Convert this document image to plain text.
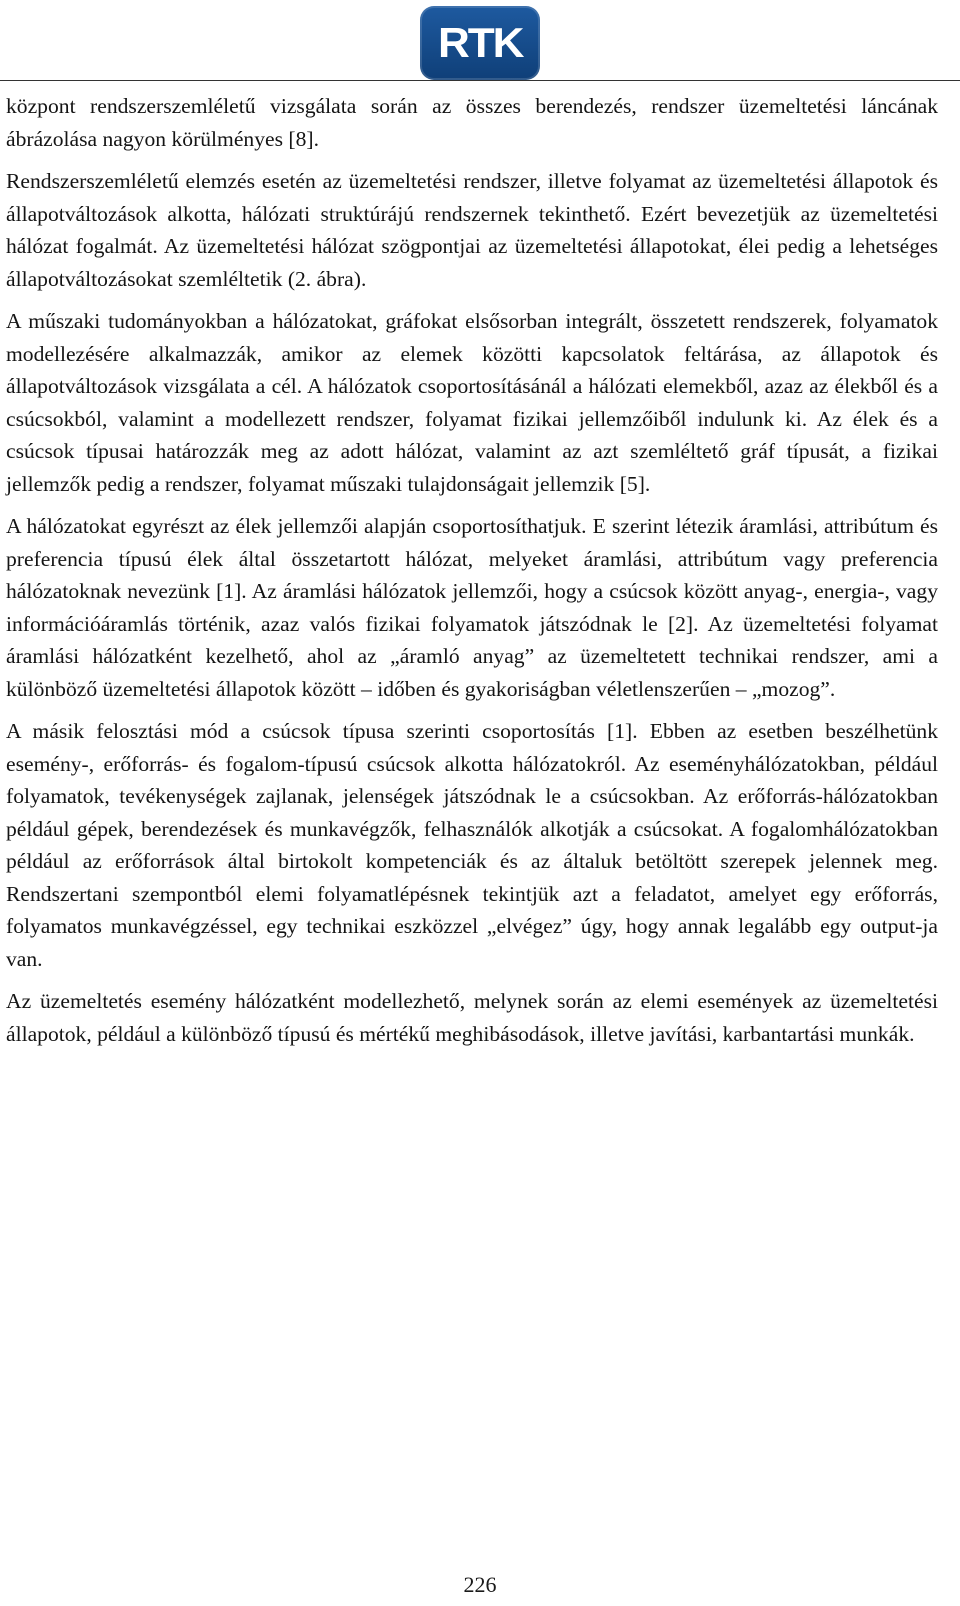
RTK

központ rendszerszemléletű vizsgálata során az összes berendezés, rendszer üzemeltetési láncának ábrázolása nagyon körülményes [8].

Rendszerszemléletű elemzés esetén az üzemeltetési rendszer, illetve folyamat az üzemeltetési állapotok és állapotváltozások alkotta, hálózati struktúrájú rendszernek tekinthető. Ezért bevezetjük az üzemeltetési hálózat fogalmát. Az üzemeltetési hálózat szögpontjai az üzemeltetési állapotokat, élei pedig a lehetséges állapotváltozásokat szemléltetik (2. ábra).

A műszaki tudományokban a hálózatokat, gráfokat elsősorban integrált, összetett rendszerek, folyamatok modellezésére alkalmazzák, amikor az elemek közötti kapcsolatok feltárása, az állapotok és állapotváltozások vizsgálata a cél. A hálózatok csoportosításánál a hálózati elemekből, azaz az élekből és a csúcsokból, valamint a modellezett rendszer, folyamat fizikai jellemzőiből indulunk ki. Az élek és a csúcsok típusai határozzák meg az adott hálózat, valamint az azt szemléltető gráf típusát, a fizikai jellemzők pedig a rendszer, folyamat műszaki tulajdonságait jellemzik [5].

A hálózatokat egyrészt az élek jellemzői alapján csoportosíthatjuk. E szerint létezik áramlási, attribútum és preferencia típusú élek által összetartott hálózat, melyeket áramlási, attribútum vagy preferencia hálózatoknak nevezünk [1]. Az áramlási hálózatok jellemzői, hogy a csúcsok között anyag-, energia-, vagy információáramlás történik, azaz valós fizikai folyamatok játszódnak le [2]. Az üzemeltetési folyamat áramlási hálózatként kezelhető, ahol az „áramló anyag” az üzemeltetett technikai rendszer, ami a különböző üzemeltetési állapotok között – időben és gyakoriságban véletlenszerűen – „mozog”.

A másik felosztási mód a csúcsok típusa szerinti csoportosítás [1]. Ebben az esetben beszélhetünk esemény-, erőforrás- és fogalom-típusú csúcsok alkotta hálózatokról. Az eseményhálózatokban, például folyamatok, tevékenységek zajlanak, jelenségek játszódnak le a csúcsokban. Az erőforrás-hálózatokban például gépek, berendezések és munkavégzők, felhasználók alkotják a csúcsokat. A fogalomhálózatokban például az erőforrások által birtokolt kompetenciák és az általuk betöltött szerepek jelennek meg. Rendszertani szempontból elemi folyamatlépésnek tekintjük azt a feladatot, amelyet egy erőforrás, folyamatos munkavégzéssel, egy technikai eszközzel „elvégez” úgy, hogy annak legalább egy output-ja van.

Az üzemeltetés esemény hálózatként modellezhető, melynek során az elemi események az üzemeltetési állapotok, például a különböző típusú és mértékű meghibásodások, illetve javítási, karbantartási munkák.

226
